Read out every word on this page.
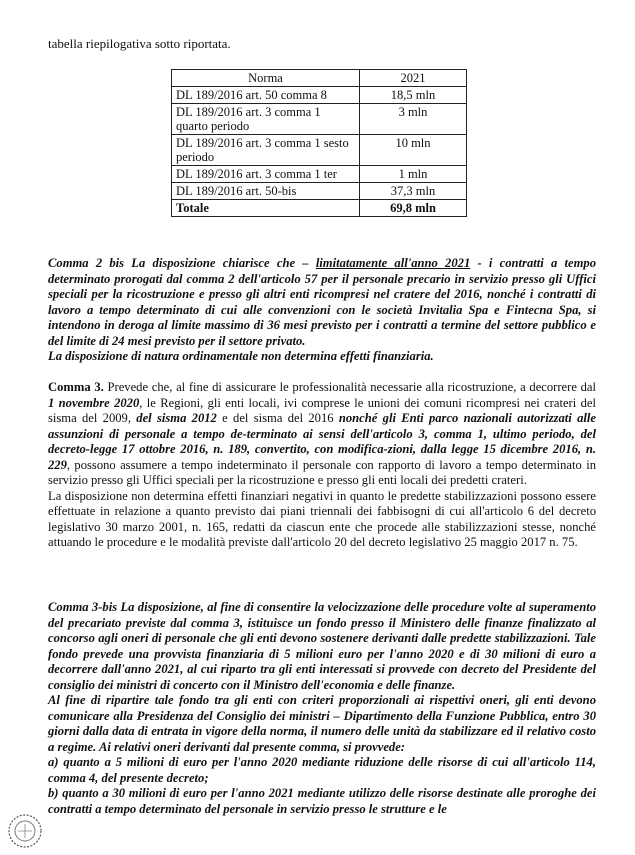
tabella riepilogativa sotto riportata.
Norma	2021
DL 189/2016 art. 50 comma 8	18,5 mln
DL 189/2016 art. 3 comma 1 quarto periodo	3 mln
DL 189/2016 art. 3 comma 1 sesto periodo	10 mln
DL 189/2016 art. 3 comma 1 ter	1 mln
DL 189/2016 art. 50-bis	37,3 mln
Totale	69,8 mln

Comma 2 bis La disposizione chiarisce che – limitatamente all'anno 2021 - i contratti a tempo determinato prorogati dal comma 2 dell'articolo 57 per il personale precario in servizio presso gli Uffici speciali per la ricostruzione e presso gli altri enti ricompresi nel cratere del 2016, nonché i contratti di lavoro a tempo determinato di cui alle convenzioni con le società Invitalia Spa e Fintecna Spa, si intendono in deroga al limite massimo di 36 mesi previsto per i contratti a termine del settore pubblico e del limite di 24 mesi previsto per il settore privato.

La disposizione di natura ordinamentale non determina effetti finanziaria.

Comma 3. Prevede che, al fine di assicurare le professionalità necessarie alla ricostruzione, a decorrere dal 1 novembre 2020, le Regioni, gli enti locali, ivi comprese le unioni dei comuni ricompresi nei crateri del sisma del 2009, del sisma 2012 e del sisma del 2016 nonché gli Enti parco nazionali autorizzati alle assunzioni di personale a tempo de-terminato ai sensi dell'articolo 3, comma 1, ultimo periodo, del decreto-legge 17 ottobre 2016, n. 189, convertito, con modifica-zioni, dalla legge 15 dicembre 2016, n. 229, possono assumere a tempo indeterminato il personale con rapporto di lavoro a tempo determinato in servizio presso gli Uffici speciali per la ricostruzione e presso gli enti locali dei predetti crateri.

La disposizione non determina effetti finanziari negativi in quanto le predette stabilizzazioni possono essere effettuate in relazione a quanto previsto dai piani triennali dei fabbisogni di cui all'articolo 6 del decreto legislativo 30 marzo 2001, n. 165, redatti da ciascun ente che procede alle stabilizzazioni stesse, nonché attuando le procedure e le modalità previste dall'articolo 20 del decreto legislativo 25 maggio 2017 n. 75.

Comma 3-bis La disposizione, al fine di consentire la velocizzazione delle procedure volte al superamento del precariato previste dal comma 3, istituisce un fondo presso il Ministero delle finanze finalizzato al concorso agli oneri di personale che gli enti devono sostenere derivanti dalle predette stabilizzazioni. Tale fondo prevede una provvista finanziaria di 5 milioni euro per l'anno 2020 e di 30 milioni di euro a decorrere dall'anno 2021, al cui riparto tra gli enti interessati si provvede con decreto del Presidente del consiglio dei ministri di concerto con il Ministro dell'economia e delle finanze.

Al fine di ripartire tale fondo tra gli enti con criteri proporzionali ai rispettivi oneri, gli enti devono comunicare alla Presidenza del Consiglio dei ministri – Dipartimento della Funzione Pubblica, entro 30 giorni dalla data di entrata in vigore della norma, il numero delle unità da stabilizzare ed il relativo costo a regime. Ai relativi oneri derivanti dal presente comma, si provvede:

a) quanto a 5 milioni di euro per l'anno 2020 mediante riduzione delle risorse di cui all'articolo 114, comma 4, del presente decreto;

b) quanto a 30 milioni di euro per l'anno 2021 mediante utilizzo delle risorse destinate alle proroghe dei contratti a tempo determinato del personale in servizio presso le strutture e le
